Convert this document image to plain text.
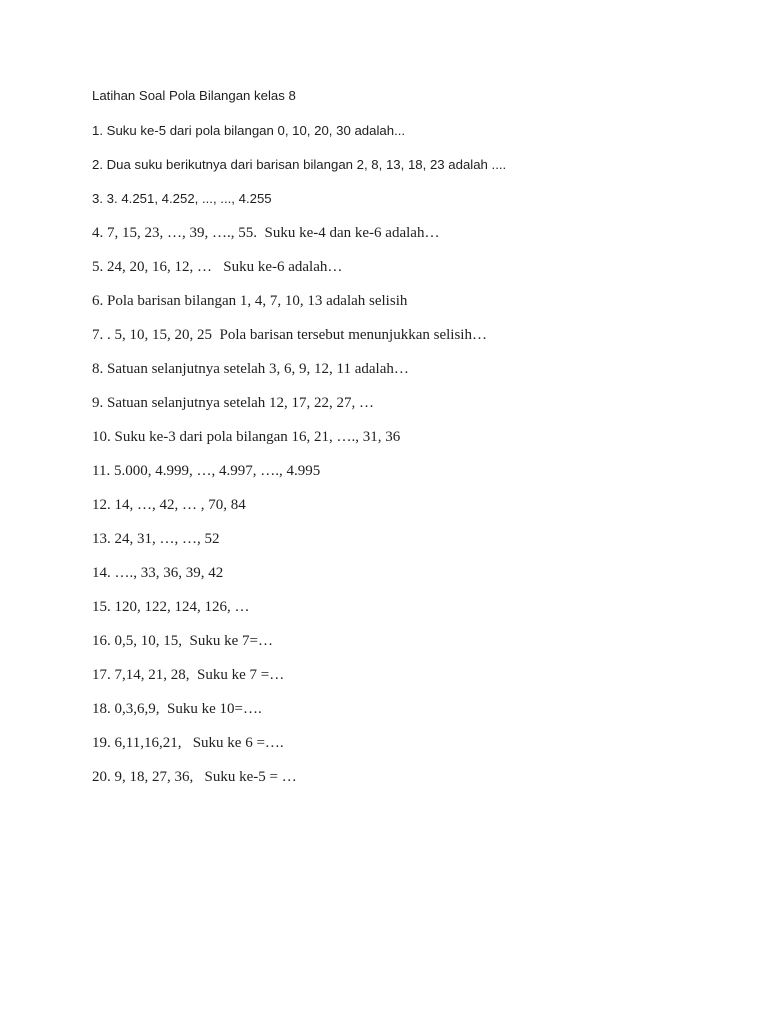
Latihan Soal Pola Bilangan kelas 8

1. Suku ke-5 dari pola bilangan 0, 10, 20, 30 adalah...

2. Dua suku berikutnya dari barisan bilangan 2, 8, 13, 18, 23 adalah ....

3. 3. 4.251, 4.252, ..., ..., 4.255

4. 7, 15, 23, …, 39, …., 55.  Suku ke-4 dan ke-6 adalah…

5. 24, 20, 16, 12, …   Suku ke-6 adalah…

6. Pola barisan bilangan 1, 4, 7, 10, 13 adalah selisih

7. . 5, 10, 15, 20, 25  Pola barisan tersebut menunjukkan selisih…

8. Satuan selanjutnya setelah 3, 6, 9, 12, 11 adalah…

9. Satuan selanjutnya setelah 12, 17, 22, 27, …

10. Suku ke-3 dari pola bilangan 16, 21, …., 31, 36

11. 5.000, 4.999, …, 4.997, …., 4.995

12. 14, …, 42, … , 70, 84

13. 24, 31, …, …, 52

14. …., 33, 36, 39, 42

15. 120, 122, 124, 126, …

16. 0,5, 10, 15,  Suku ke 7=…

17. 7,14, 21, 28,  Suku ke 7 =…

18. 0,3,6,9,  Suku ke 10=….

19. 6,11,16,21,   Suku ke 6 =….

20. 9, 18, 27, 36,   Suku ke-5 = …
